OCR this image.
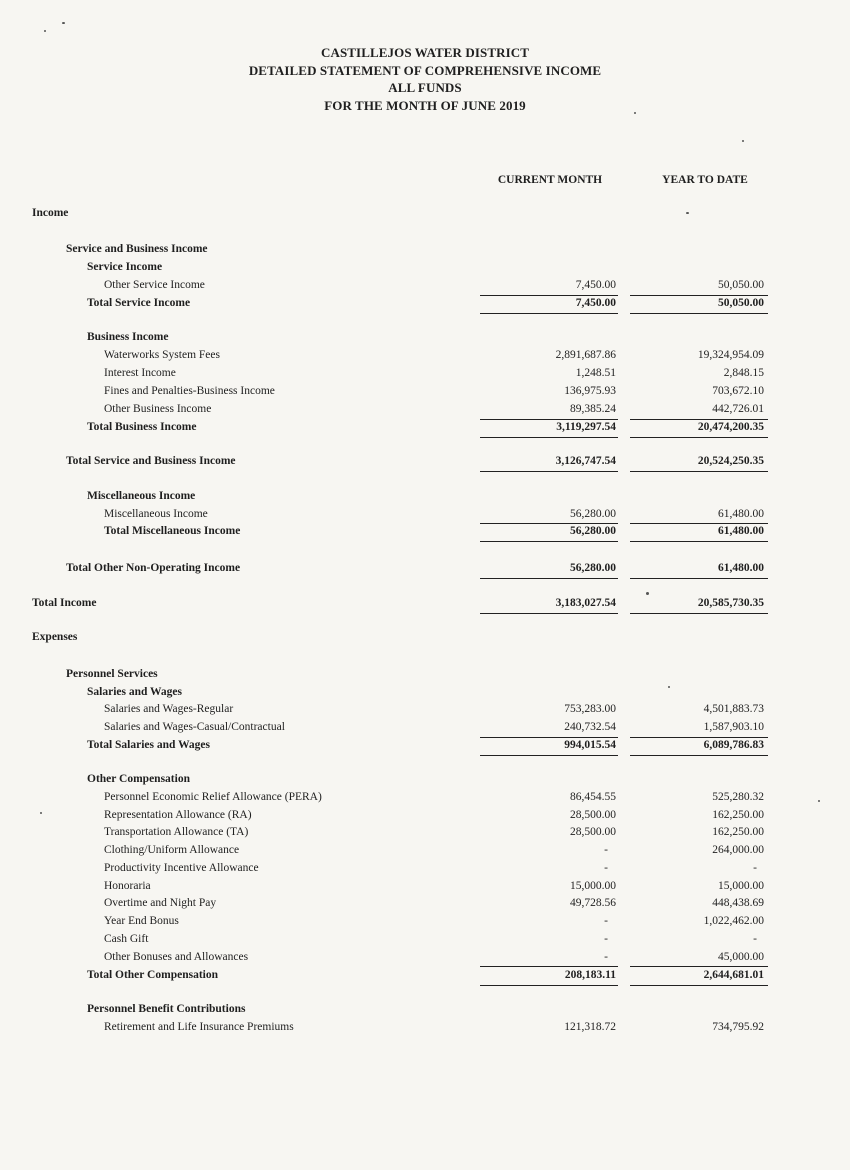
CASTILLEJOS WATER DISTRICT
DETAILED STATEMENT OF COMPREHENSIVE INCOME
ALL FUNDS
FOR THE MONTH OF JUNE 2019
CURRENT MONTH	YEAR TO DATE
Income
Service and Business Income
Service Income
Other Service Income	7,450.00	50,050.00
Total Service Income	7,450.00	50,050.00
Business Income
Waterworks System Fees	2,891,687.86	19,324,954.09
Interest Income	1,248.51	2,848.15
Fines and Penalties-Business Income	136,975.93	703,672.10
Other Business Income	89,385.24	442,726.01
Total Business Income	3,119,297.54	20,474,200.35
Total Service and Business Income	3,126,747.54	20,524,250.35
Miscellaneous Income
Miscellaneous Income	56,280.00	61,480.00
Total Miscellaneous Income	56,280.00	61,480.00
Total Other Non-Operating Income	56,280.00	61,480.00
Total Income	3,183,027.54	20,585,730.35
Expenses
Personnel Services
Salaries and Wages
Salaries and Wages-Regular	753,283.00	4,501,883.73
Salaries and Wages-Casual/Contractual	240,732.54	1,587,903.10
Total Salaries and Wages	994,015.54	6,089,786.83
Other Compensation
Personnel Economic Relief Allowance (PERA)	86,454.55	525,280.32
Representation Allowance (RA)	28,500.00	162,250.00
Transportation Allowance (TA)	28,500.00	162,250.00
Clothing/Uniform Allowance	-	264,000.00
Productivity Incentive Allowance	-	-
Honoraria	15,000.00	15,000.00
Overtime and Night Pay	49,728.56	448,438.69
Year End Bonus	-	1,022,462.00
Cash Gift	-	-
Other Bonuses and Allowances	-	45,000.00
Total Other Compensation	208,183.11	2,644,681.01
Personnel Benefit Contributions
Retirement and Life Insurance Premiums	121,318.72	734,795.92
